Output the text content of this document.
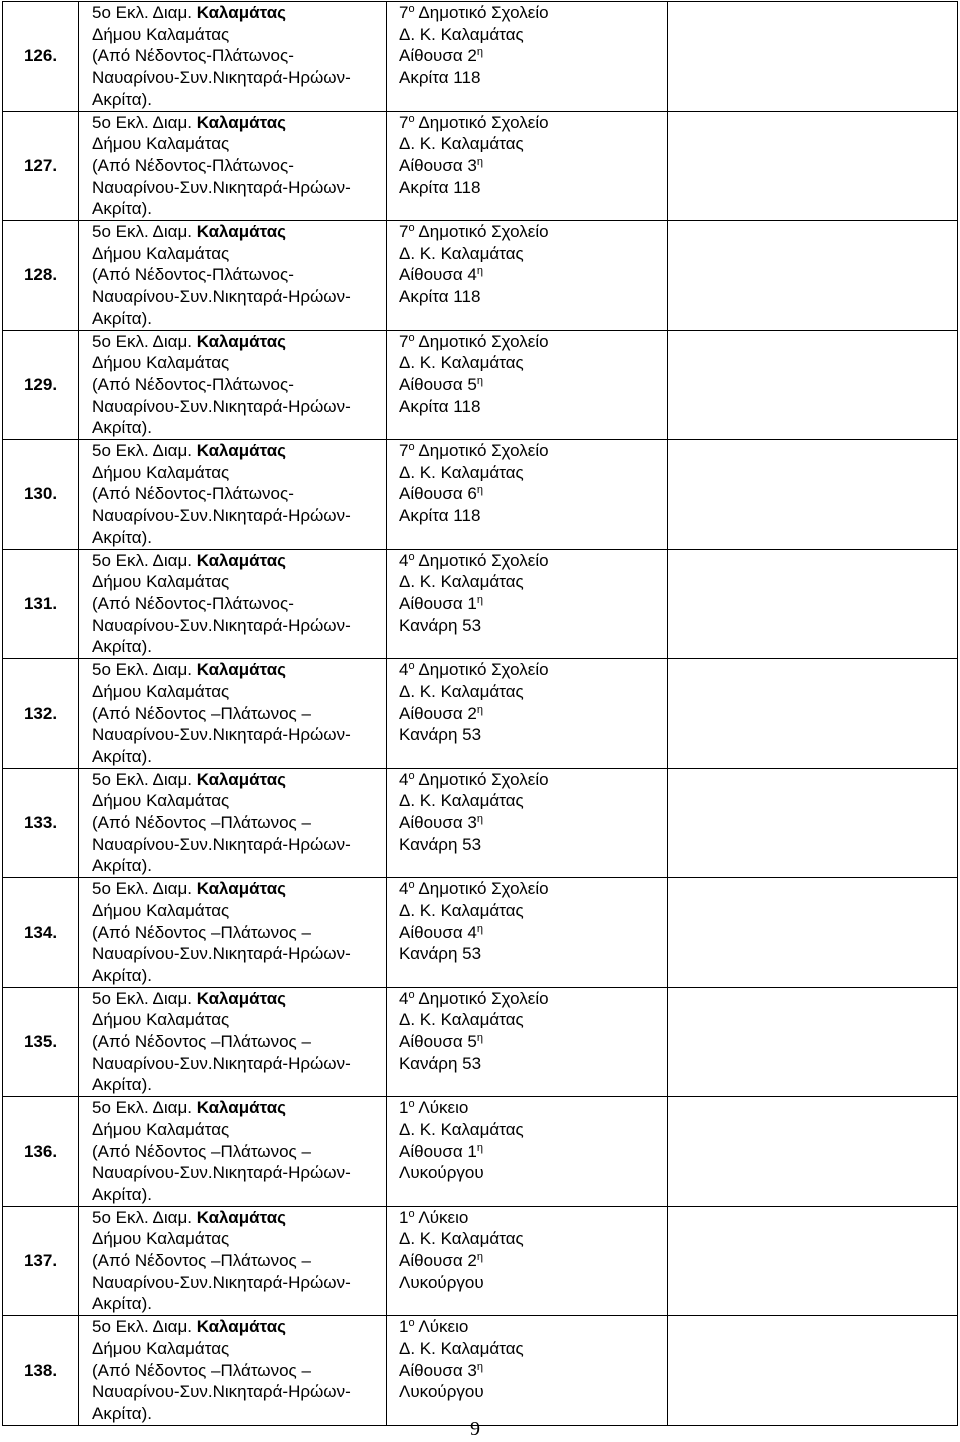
126.	5ο Εκλ. Διαμ. Καλαμάτας
Δήμου Καλαμάτας
(Από Νέδοντος-Πλάτωνος-
Ναυαρίνου-Συν.Νικηταρά-Ηρώων-
Ακρίτα).	$7^o$ Δημοτικό Σχολείο
Δ. Κ. Καλαμάτας
Αίθουσα $2^\eta$
Ακρίτα 118	

127.	5ο Εκλ. Διαμ. Καλαμάτας
Δήμου Καλαμάτας
(Από Νέδοντος-Πλάτωνος-
Ναυαρίνου-Συν.Νικηταρά-Ηρώων-
Ακρίτα).	$7^o$ Δημοτικό Σχολείο
Δ. Κ. Καλαμάτας
Αίθουσα $3^\eta$
Ακρίτα 118	

128.	5ο Εκλ. Διαμ. Καλαμάτας
Δήμου Καλαμάτας
(Από Νέδοντος-Πλάτωνος-
Ναυαρίνου-Συν.Νικηταρά-Ηρώων-
Ακρίτα).	$7^o$ Δημοτικό Σχολείο
Δ. Κ. Καλαμάτας
Αίθουσα $4^\eta$
Ακρίτα 118	

129.	5ο Εκλ. Διαμ. Καλαμάτας
Δήμου Καλαμάτας
(Από Νέδοντος-Πλάτωνος-
Ναυαρίνου-Συν.Νικηταρά-Ηρώων-
Ακρίτα).	$7^o$ Δημοτικό Σχολείο
Δ. Κ. Καλαμάτας
Αίθουσα $5^\eta$
Ακρίτα 118	

130.	5ο Εκλ. Διαμ. Καλαμάτας
Δήμου Καλαμάτας
(Από Νέδοντος-Πλάτωνος-
Ναυαρίνου-Συν.Νικηταρά-Ηρώων-
Ακρίτα).	$7^o$ Δημοτικό Σχολείο
Δ. Κ. Καλαμάτας
Αίθουσα $6^\eta$
Ακρίτα 118	

131.	5ο Εκλ. Διαμ. Καλαμάτας
Δήμου Καλαμάτας
(Από Νέδοντος-Πλάτωνος-
Ναυαρίνου-Συν.Νικηταρά-Ηρώων-
Ακρίτα).	$4^o$ Δημοτικό Σχολείο
Δ. Κ. Καλαμάτας
Αίθουσα $1^\eta$
Κανάρη 53	

132.	5ο Εκλ. Διαμ. Καλαμάτας
Δήμου Καλαμάτας
(Από Νέδοντος –Πλάτωνος –
Ναυαρίνου-Συν.Νικηταρά-Ηρώων-
Ακρίτα).	$4^o$ Δημοτικό Σχολείο
Δ. Κ. Καλαμάτας
Αίθουσα $2^\eta$
Κανάρη 53	

133.	5ο Εκλ. Διαμ. Καλαμάτας
Δήμου Καλαμάτας
(Από Νέδοντος –Πλάτωνος –
Ναυαρίνου-Συν.Νικηταρά-Ηρώων-
Ακρίτα).	$4^o$ Δημοτικό Σχολείο
Δ. Κ. Καλαμάτας
Αίθουσα $3^\eta$
Κανάρη 53	

134.	5ο Εκλ. Διαμ. Καλαμάτας
Δήμου Καλαμάτας
(Από Νέδοντος –Πλάτωνος –
Ναυαρίνου-Συν.Νικηταρά-Ηρώων-
Ακρίτα).	$4^o$ Δημοτικό Σχολείο
Δ. Κ. Καλαμάτας
Αίθουσα $4^\eta$
Κανάρη 53	

135.	5ο Εκλ. Διαμ. Καλαμάτας
Δήμου Καλαμάτας
(Από Νέδοντος –Πλάτωνος –
Ναυαρίνου-Συν.Νικηταρά-Ηρώων-
Ακρίτα).	$4^o$ Δημοτικό Σχολείο
Δ. Κ. Καλαμάτας
Αίθουσα $5^\eta$
Κανάρη 53	

136.	5ο Εκλ. Διαμ. Καλαμάτας
Δήμου Καλαμάτας
(Από Νέδοντος –Πλάτωνος –
Ναυαρίνου-Συν.Νικηταρά-Ηρώων-
Ακρίτα).	$1^o$ Λύκειο
Δ. Κ. Καλαμάτας
Αίθουσα $1^\eta$
Λυκούργου	

137.	5ο Εκλ. Διαμ. Καλαμάτας
Δήμου Καλαμάτας
(Από Νέδοντος –Πλάτωνος –
Ναυαρίνου-Συν.Νικηταρά-Ηρώων-
Ακρίτα).	$1^o$ Λύκειο
Δ. Κ. Καλαμάτας
Αίθουσα $2^\eta$
Λυκούργου	

138.	5ο Εκλ. Διαμ. Καλαμάτας
Δήμου Καλαμάτας
(Από Νέδοντος –Πλάτωνος –
Ναυαρίνου-Συν.Νικηταρά-Ηρώων-
Ακρίτα).	$1^o$ Λύκειο
Δ. Κ. Καλαμάτας
Αίθουσα $3^\eta$
Λυκούργου	

9
